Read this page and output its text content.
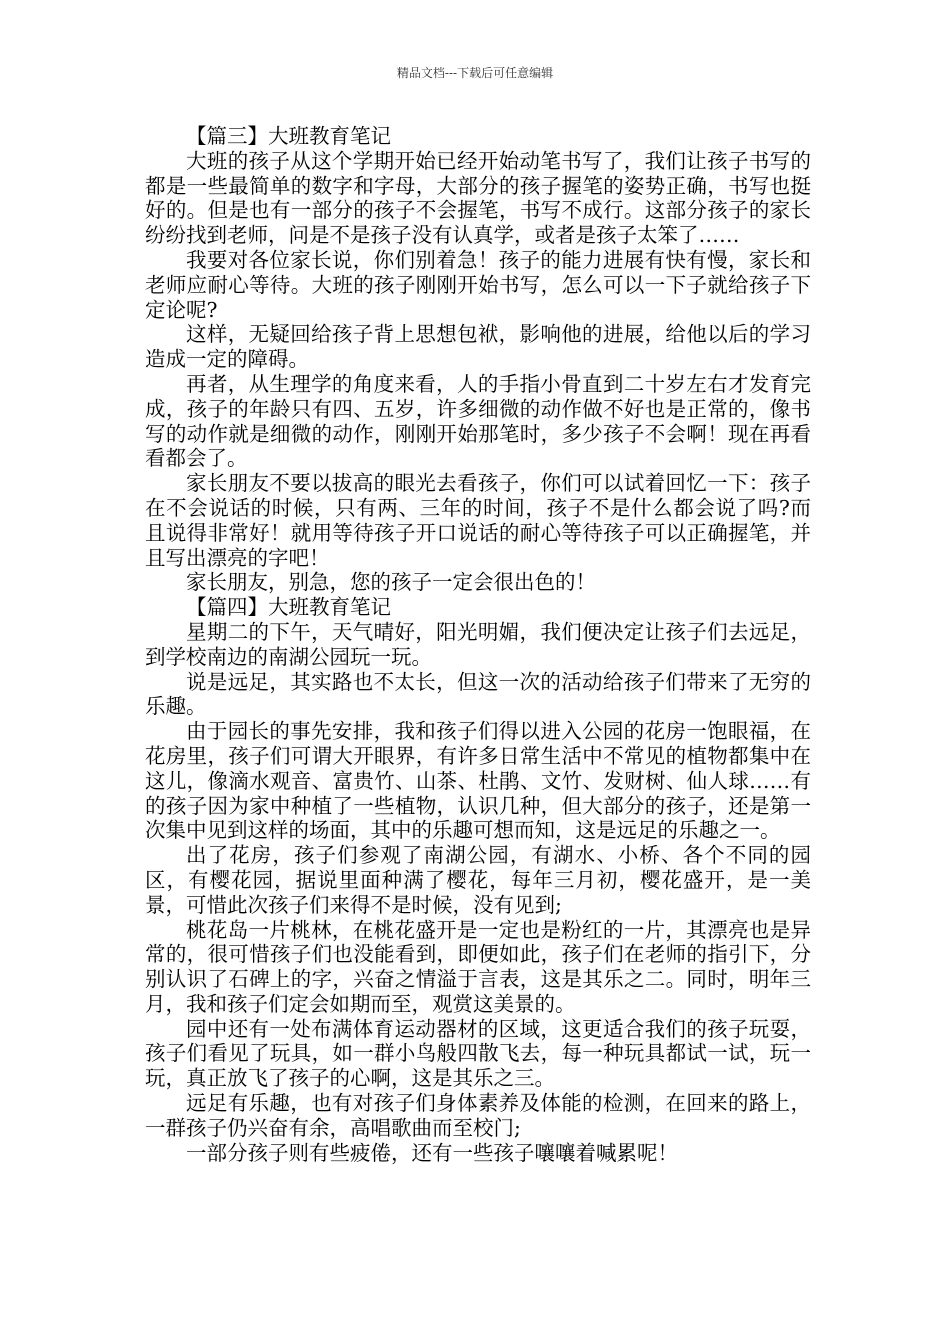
精品文档---下载后可任意编辑

【篇三】大班教育笔记

大班的孩子从这个学期开始已经开始动笔书写了，我们让孩子书写的都是一些最简单的数字和字母，大部分的孩子握笔的姿势正确，书写也挺好的。但是也有一部分的孩子不会握笔，书写不成行。这部分孩子的家长纷纷找到老师，问是不是孩子没有认真学，或者是孩子太笨了……

我要对各位家长说，你们别着急！孩子的能力进展有快有慢，家长和老师应耐心等待。大班的孩子刚刚开始书写，怎么可以一下子就给孩子下定论呢?

这样，无疑回给孩子背上思想包袱，影响他的进展，给他以后的学习造成一定的障碍。

再者，从生理学的角度来看，人的手指小骨直到二十岁左右才发育完成，孩子的年龄只有四、五岁，许多细微的动作做不好也是正常的，像书写的动作就是细微的动作，刚刚开始那笔时，多少孩子不会啊！现在再看看都会了。

家长朋友不要以拔高的眼光去看孩子，你们可以试着回忆一下：孩子在不会说话的时候，只有两、三年的时间，孩子不是什么都会说了吗?而且说得非常好！就用等待孩子开口说话的耐心等待孩子可以正确握笔，并且写出漂亮的字吧！

家长朋友，别急，您的孩子一定会很出色的！

【篇四】大班教育笔记

星期二的下午，天气晴好，阳光明媚，我们便决定让孩子们去远足，到学校南边的南湖公园玩一玩。

说是远足，其实路也不太长，但这一次的活动给孩子们带来了无穷的乐趣。

由于园长的事先安排，我和孩子们得以进入公园的花房一饱眼福，在花房里，孩子们可谓大开眼界，有许多日常生活中不常见的植物都集中在这儿，像滴水观音、富贵竹、山茶、杜鹃、文竹、发财树、仙人球……有的孩子因为家中种植了一些植物，认识几种，但大部分的孩子，还是第一次集中见到这样的场面，其中的乐趣可想而知，这是远足的乐趣之一。

出了花房，孩子们参观了南湖公园，有湖水、小桥、各个不同的园区，有樱花园，据说里面种满了樱花，每年三月初，樱花盛开，是一美景，可惜此次孩子们来得不是时候，没有见到;

桃花岛一片桃林，在桃花盛开是一定也是粉红的一片，其漂亮也是异常的，很可惜孩子们也没能看到，即便如此，孩子们在老师的指引下，分别认识了石碑上的字，兴奋之情溢于言表，这是其乐之二。同时，明年三月，我和孩子们定会如期而至，观赏这美景的。

园中还有一处布满体育运动器材的区域，这更适合我们的孩子玩耍，孩子们看见了玩具，如一群小鸟般四散飞去，每一种玩具都试一试，玩一玩，真正放飞了孩子的心啊，这是其乐之三。

远足有乐趣，也有对孩子们身体素养及体能的检测，在回来的路上，一群孩子仍兴奋有余，高唱歌曲而至校门;

一部分孩子则有些疲倦，还有一些孩子嚷嚷着喊累呢！
